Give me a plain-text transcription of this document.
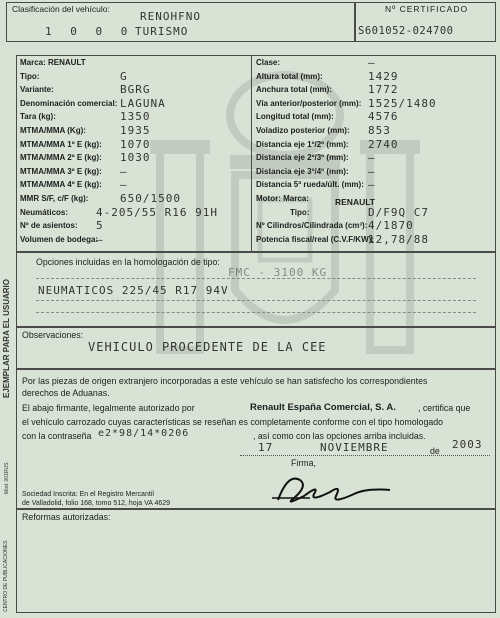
Clasificación del vehículo:
RENOHFNO
1 0 0 0 TURISMO
Nº CERTIFICADO
S601052-024700
Marca: RENAULT
Tipo:	G
Variante:	BGRG
Denominación comercial: LAGUNA
Tara (kg):	1350
MTMA/MMA (Kg):	1935
MTMA/MMA 1º E (kg): 1070
MTMA/MMA 2º E (kg): 1030
MTMA/MMA 3º E (kg): —
MTMA/MMA 4º E (kg): —
MMR S/F, c/F (kg):	650/1500
Neumáticos:	4-205/55 R16 91H
Nº de asientos: 5
Volumen de bodega:
—
Clase:	—
Altura total (mm):	1429
Anchura total (mm):	1772
Vía anterior/posterior (mm): 1525/1480
Longitud total (mm):	4576
Voladizo posterior (mm): 853
Distancia eje 1º/2º (mm): 2740
Distancia eje 2º/3º (mm): —
Distancia eje 3º/4º (mm): —
Distancia 5ª rueda/últ. (mm): —
Motor: Marca:	RENAULT
Tipo:	D/F9Q C7
Nº Cilindros/Cilindrada (cm³): 4/1870
Potencia fiscal/real (C.V.F/KW):
12,78/88
Opciones incluidas en la homologación de tipo:
FMC - 3100 KG
NEUMATICOS 225/45 R17 94V
Observaciones:
VEHICULO PROCEDENTE DE LA CEE
Por las piezas de origen extranjero incorporadas a este vehículo se han satisfecho los correspondientes
derechos de Aduanas.
El abajo firmante, legalmente autorizado por	Renault España Comercial, S. A.	, certifica que
el vehículo carrozado cuyas características se reseñan es completamente conforme con el tipo homologado
con la contraseña e2*98/14*0206	, así como con las opciones arriba incluidas.
17	NOVIEMBRE	de 2003
Firma,
Sociedad Inscrita: En el Registro Mercantil
de Valladolid, folio 168, tomo 512, hoja VA 4629
Reformas autorizadas:
EJEMPLAR PARA EL USUARIO
Mod. 001RUS
CENTRO DE PUBLICACIONES
